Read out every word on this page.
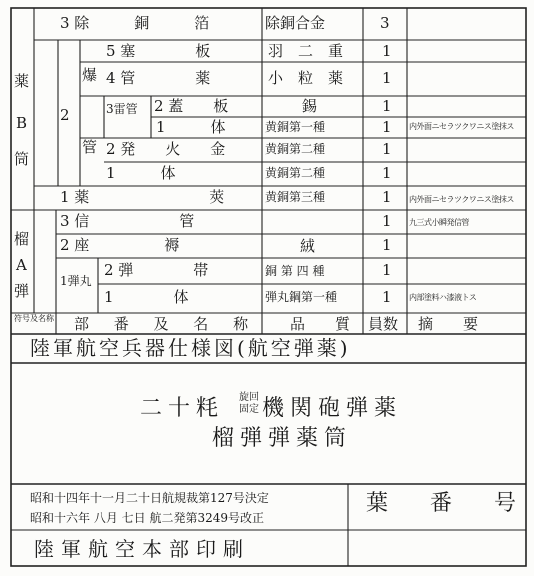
薬
B
筒
榴
A
弾
2
爆
管
3雷管
1弾丸
3 除　　　銅　　　箔
5 塞　　　　板
4 管　　　　薬
2 蓋　　板
1　　　体
2 発　　火　　金
1　　　体
1 薬　　　　　　　　莢
3 信　　　　　　管
2 座　　　　　褥
2 弾　　　　帯
1　　　　体
除銅合金
羽　二　重
小　粒　薬
錫
黄銅第一種
黄銅第二種
黄銅第二種
黄銅第三種
絨
銅 第 四 種
弾丸鋼第一種
3
1
1
1
1
1
1
1
1
1
1
1
内外面ニセラツクワニス塗抹ス
内外面ニセラツクワニス塗抹ス
九三式小瞬発信管
内部塗料ハ漆液トス
符号及名称 部 番 及 名 称 品　　質 員数 摘　　要
陸軍航空兵器仕様図(航空弾薬)
二十粍 旋回
固定 機関砲弾薬
榴弾弾薬筒
昭和十四年十一月二十日航規裁第127号決定
昭和十六年 八月 七日 航二発第3249号改正
葉　番　号
陸軍航空本部印刷
